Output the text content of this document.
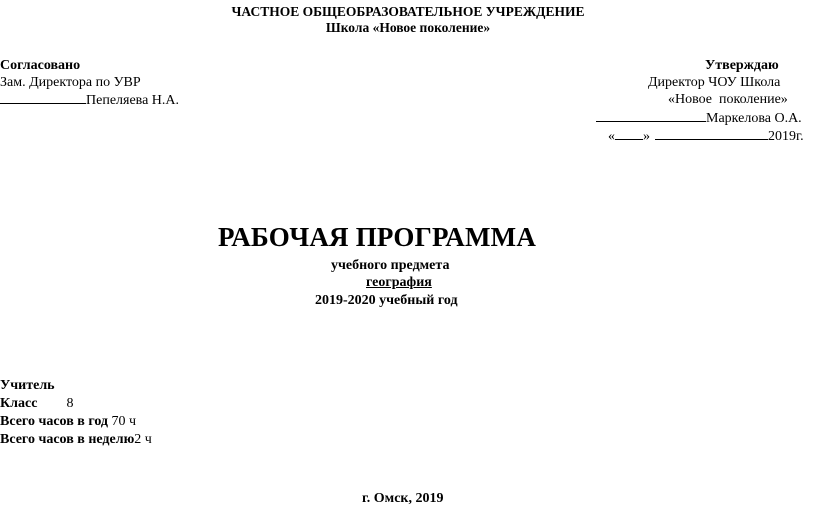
ЧАСТНОЕ ОБЩЕОБРАЗОВАТЕЛЬНОЕ УЧРЕЖДЕНИЕ
Школа «Новое поколение»
Согласовано
Зам. Директора по УВР
Пепеляева Н.А.
Утверждаю
Директор ЧОУ Школа
«Новое  поколение»
Маркелова О.А.
« »	2019г.
РАБОЧАЯ ПРОГРАММА
учебного предмета
география
2019-2020 учебный год
Учитель
Класс 8
Всего часов в год 70 ч
Всего часов в неделю2 ч
г. Омск, 2019
